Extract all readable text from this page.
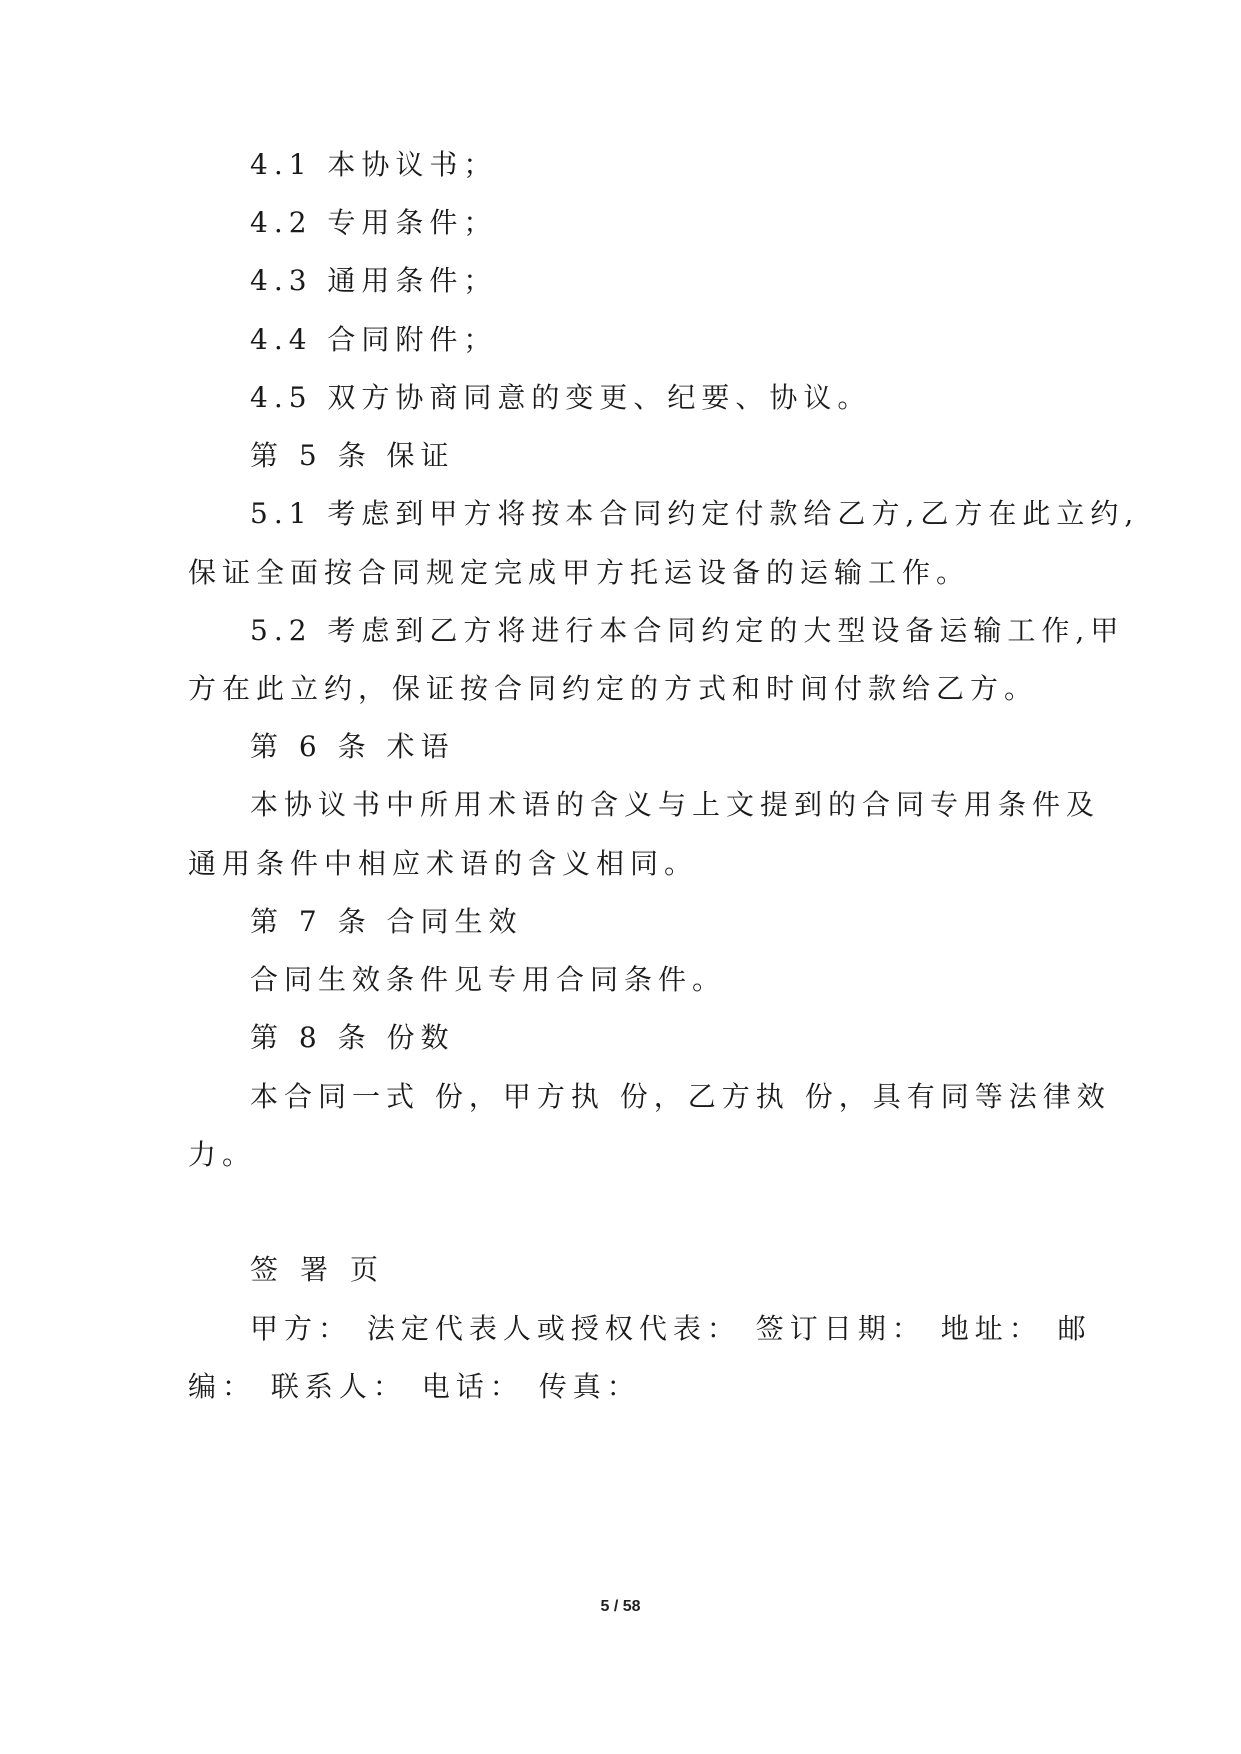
4.1 本协议书；
4.2 专用条件；
4.3 通用条件；
4.4 合同附件；
4.5 双方协商同意的变更、纪要、协议。
第 5 条 保证
5.1 考虑到甲方将按本合同约定付款给乙方,乙方在此立约,
保证全面按合同规定完成甲方托运设备的运输工作。
5.2 考虑到乙方将进行本合同约定的大型设备运输工作,甲
方在此立约，保证按合同约定的方式和时间付款给乙方。
第 6 条 术语
本协议书中所用术语的含义与上文提到的合同专用条件及
通用条件中相应术语的含义相同。
第 7 条 合同生效
合同生效条件见专用合同条件。
第 8 条 份数
本合同一式 份，甲方执 份，乙方执 份，具有同等法律效
力。
签署页
甲方： 法定代表人或授权代表： 签订日期： 地址： 邮
编： 联系人： 电话： 传真：
5 / 58
